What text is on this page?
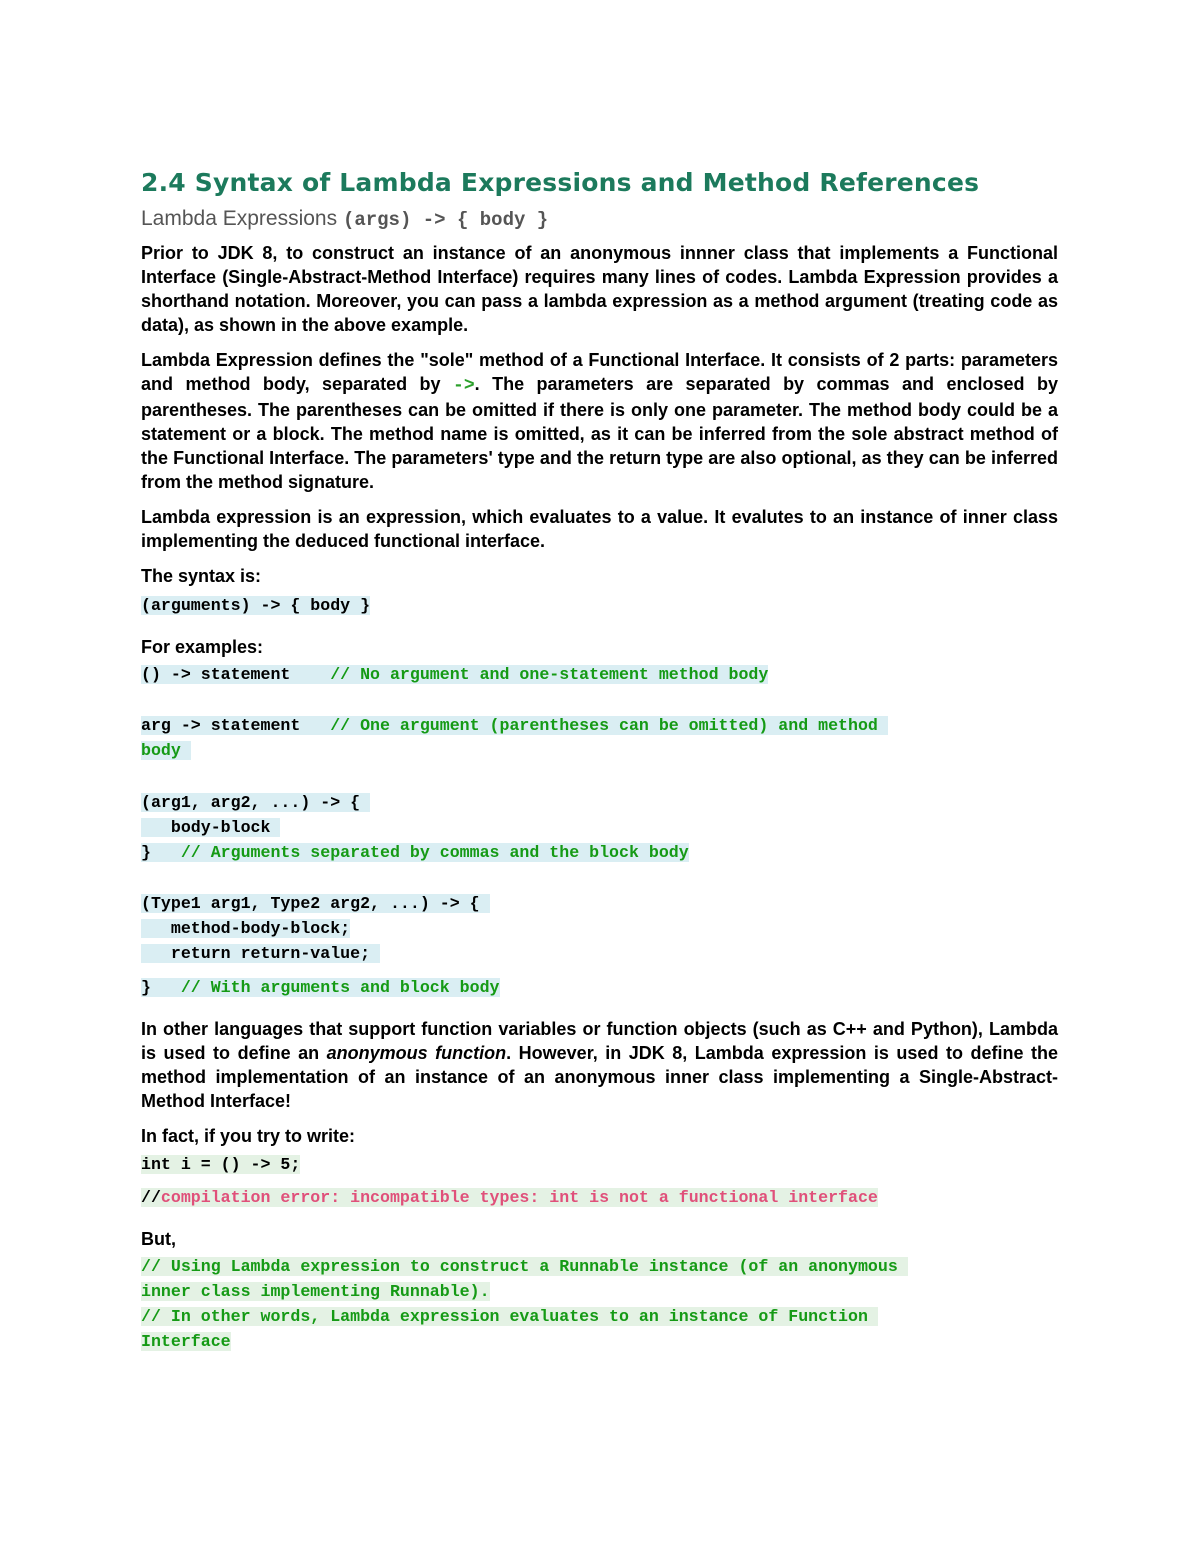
2.4 Syntax of Lambda Expressions and Method References
Lambda Expressions (args) -> { body }

Prior to JDK 8, to construct an instance of an anonymous innner class that implements a Functional Interface (Single-Abstract-Method Interface) requires many lines of codes. Lambda Expression provides a shorthand notation. Moreover, you can pass a lambda expression as a method argument (treating code as data), as shown in the above example.

Lambda Expression defines the "sole" method of a Functional Interface. It consists of 2 parts: parameters and method body, separated by ->. The parameters are separated by commas and enclosed by parentheses. The parentheses can be omitted if there is only one parameter. The method body could be a statement or a block. The method name is omitted, as it can be inferred from the sole abstract method of the Functional Interface. The parameters' type and the return type are also optional, as they can be inferred from the method signature.

Lambda expression is an expression, which evaluates to a value. It evalutes to an instance of inner class implementing the deduced functional interface.

The syntax is:

(arguments) -> { body }

For examples:

() -> statement    // No argument and one-statement method body
arg -> statement   // One argument (parentheses can be omitted) and method
body
(arg1, arg2, ...) -> {
body-block
}   // Arguments separated by commas and the block body
(Type1 arg1, Type2 arg2, ...) -> {
method-body-block;
return return-value;
}   // With arguments and block body

In other languages that support function variables or function objects (such as C++ and Python), Lambda is used to define an anonymous function. However, in JDK 8, Lambda expression is used to define the method implementation of an instance of an anonymous inner class implementing a Single-Abstract-Method Interface!

In fact, if you try to write:

int i = () -> 5;
//compilation error: incompatible types: int is not a functional interface

But,

// Using Lambda expression to construct a Runnable instance (of an anonymous
inner class implementing Runnable).
// In other words, Lambda expression evaluates to an instance of Function
Interface
